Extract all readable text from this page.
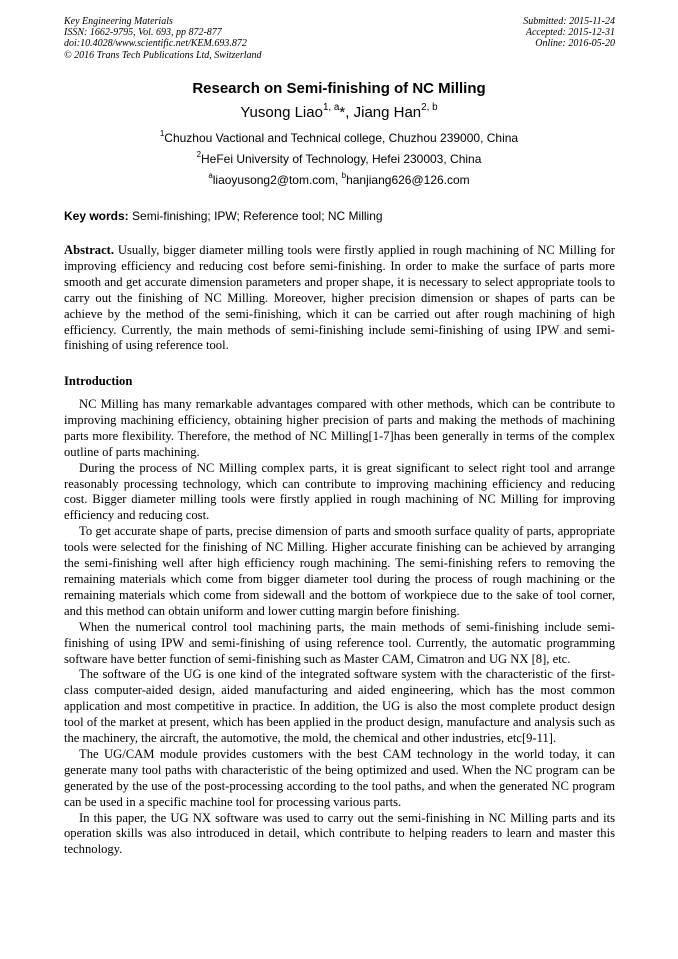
Key Engineering Materials
ISSN: 1662-9795, Vol. 693, pp 872-877
doi:10.4028/www.scientific.net/KEM.693.872
© 2016 Trans Tech Publications Ltd, Switzerland
Submitted: 2015-11-24
Accepted: 2015-12-31
Online: 2016-05-20
Research on Semi-finishing of NC Milling
Yusong Liao$^{1, a}$*, Jiang Han$^{2, b}$
$^1$Chuzhou Vactional and Technical college, Chuzhou 239000, China
$^2$HeFei University of Technology, Hefei 230003, China
$^a$liaoyusong2@tom.com, $^b$hanjiang626@126.com
Key words: Semi-finishing; IPW; Reference tool; NC Milling

Abstract. Usually, bigger diameter milling tools were firstly applied in rough machining of NC Milling for improving efficiency and reducing cost before semi-finishing. In order to make the surface of parts more smooth and get accurate dimension parameters and proper shape, it is necessary to select appropriate tools to carry out the finishing of NC Milling. Moreover, higher precision dimension or shapes of parts can be achieve by the method of the semi-finishing, which it can be carried out after rough machining of high efficiency. Currently, the main methods of semi-finishing include semi-finishing of using IPW and semi-finishing of using reference tool.

Introduction

NC Milling has many remarkable advantages compared with other methods, which can be contribute to improving machining efficiency, obtaining higher precision of parts and making the methods of machining parts more flexibility. Therefore, the method of NC Milling[1-7]has been generally in terms of the complex outline of parts machining.

During the process of NC Milling complex parts, it is great significant to select right tool and arrange reasonably processing technology, which can contribute to improving machining efficiency and reducing cost. Bigger diameter milling tools were firstly applied in rough machining of NC Milling for improving efficiency and reducing cost.

To get accurate shape of parts, precise dimension of parts and smooth surface quality of parts, appropriate tools were selected for the finishing of NC Milling. Higher accurate finishing can be achieved by arranging the semi-finishing well after high efficiency rough machining. The semi-finishing refers to removing the remaining materials which come from bigger diameter tool during the process of rough machining or the remaining materials which come from sidewall and the bottom of workpiece due to the sake of tool corner, and this method can obtain uniform and lower cutting margin before finishing.

When the numerical control tool machining parts, the main methods of semi-finishing include semi-finishing of using IPW and semi-finishing of using reference tool. Currently, the automatic programming software have better function of semi-finishing such as Master CAM, Cimatron and UG NX [8], etc.

The software of the UG is one kind of the integrated software system with the characteristic of the first-class computer-aided design, aided manufacturing and aided engineering, which has the most common application and most competitive in practice. In addition, the UG is also the most complete product design tool of the market at present, which has been applied in the product design, manufacture and analysis such as the machinery, the aircraft, the automotive, the mold, the chemical and other industries, etc[9-11].

The UG/CAM module provides customers with the best CAM technology in the world today, it can generate many tool paths with characteristic of the being optimized and used. When the NC program can be generated by the use of the post-processing according to the tool paths, and when the generated NC program can be used in a specific machine tool for processing various parts.

In this paper, the UG NX software was used to carry out the semi-finishing in NC Milling parts and its operation skills was also introduced in detail, which contribute to helping readers to learn and master this technology.
